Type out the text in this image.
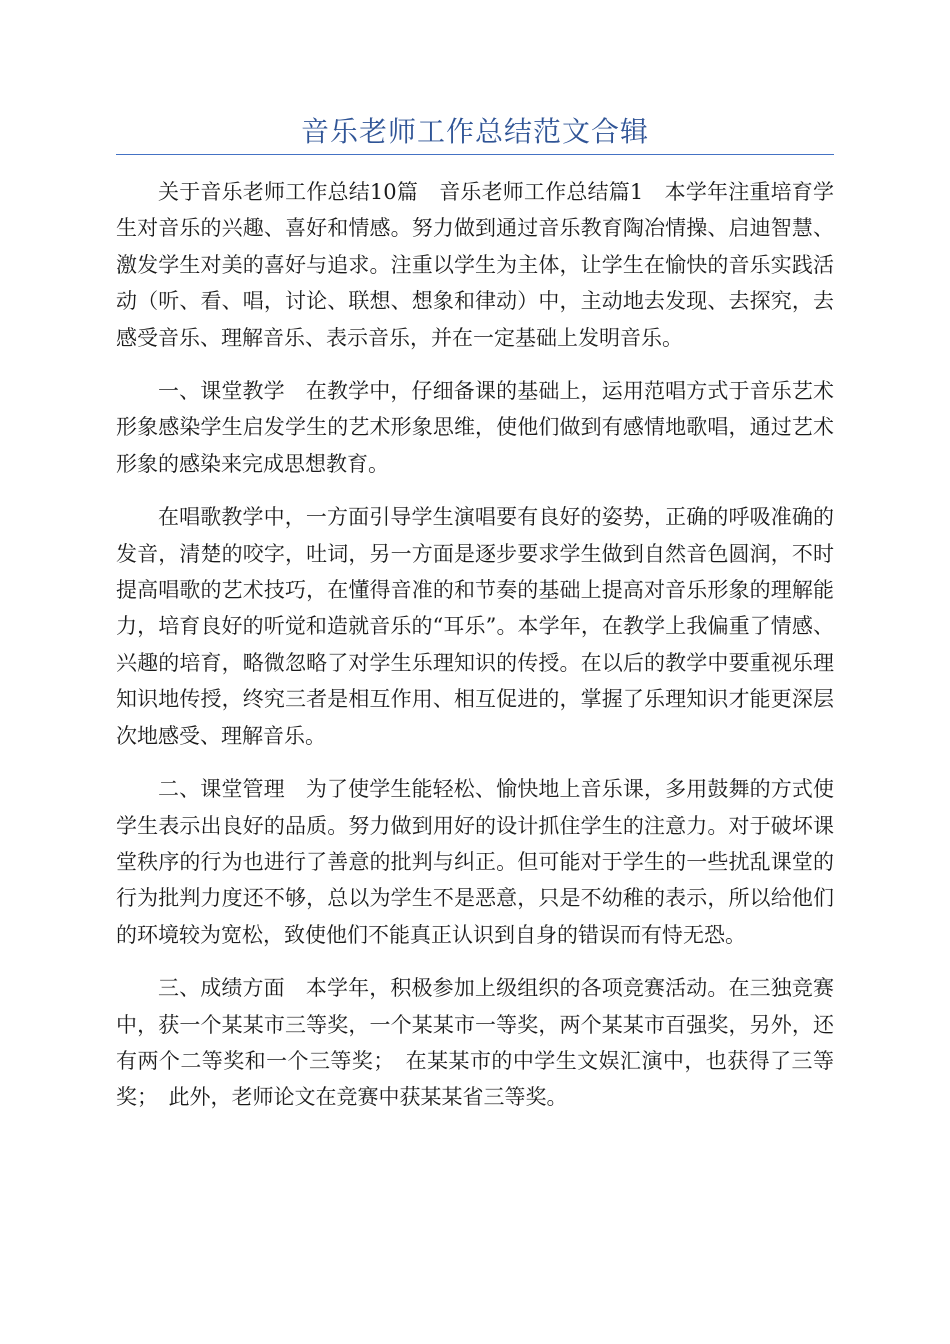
音乐老师工作总结范文合辑

关于音乐老师工作总结10篇　音乐老师工作总结篇1　本学年注重培育学生对音乐的兴趣、喜好和情感。努力做到通过音乐教育陶冶情操、启迪智慧、激发学生对美的喜好与追求。注重以学生为主体，让学生在愉快的音乐实践活动（听、看、唱，讨论、联想、想象和律动）中，主动地去发现、去探究，去感受音乐、理解音乐、表示音乐，并在一定基础上发明音乐。

一、课堂教学　在教学中，仔细备课的基础上，运用范唱方式于音乐艺术形象感染学生启发学生的艺术形象思维，使他们做到有感情地歌唱，通过艺术形象的感染来完成思想教育。

在唱歌教学中，一方面引导学生演唱要有良好的姿势，正确的呼吸准确的发音，清楚的咬字，吐词，另一方面是逐步要求学生做到自然音色圆润，不时提高唱歌的艺术技巧，在懂得音准的和节奏的基础上提高对音乐形象的理解能力，培育良好的听觉和造就音乐的“耳乐”。本学年，在教学上我偏重了情感、兴趣的培育，略微忽略了对学生乐理知识的传授。在以后的教学中要重视乐理知识地传授，终究三者是相互作用、相互促进的，掌握了乐理知识才能更深层次地感受、理解音乐。

二、课堂管理　为了使学生能轻松、愉快地上音乐课，多用鼓舞的方式使学生表示出良好的品质。努力做到用好的设计抓住学生的注意力。对于破坏课堂秩序的行为也进行了善意的批判与纠正。但可能对于学生的一些扰乱课堂的行为批判力度还不够，总以为学生不是恶意，只是不幼稚的表示，所以给他们的环境较为宽松，致使他们不能真正认识到自身的错误而有恃无恐。

三、成绩方面　本学年，积极参加上级组织的各项竞赛活动。在三独竞赛中，获一个某某市三等奖，一个某某市一等奖，两个某某市百强奖，另外，还有两个二等奖和一个三等奖；　在某某市的中学生文娱汇演中，也获得了三等奖；　此外，老师论文在竞赛中获某某省三等奖。
